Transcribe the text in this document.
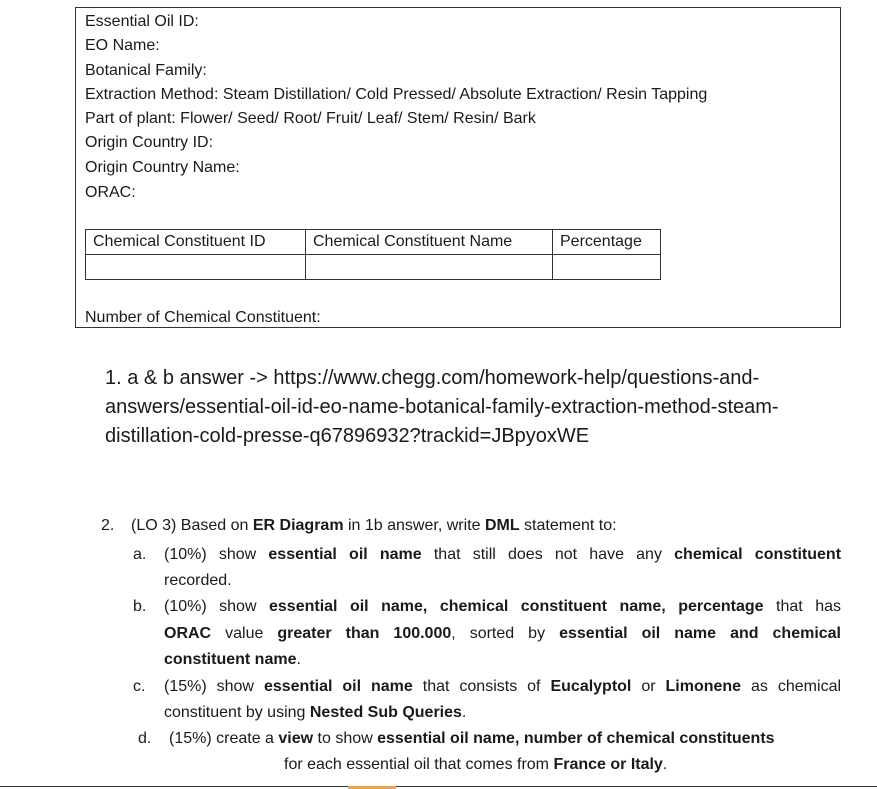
Essential Oil ID:
EO Name:
Botanical Family:
Extraction Method: Steam Distillation/ Cold Pressed/ Absolute Extraction/ Resin Tapping
Part of plant: Flower/ Seed/ Root/ Fruit/ Leaf/ Stem/ Resin/ Bark
Origin Country ID:
Origin Country Name:
ORAC:
Chemical Constituent ID	Chemical Constituent Name	Percentage

Number of Chemical Constituent:
1. a & b answer -> https://www.chegg.com/homework-help/questions-and-answers/essential-oil-id-eo-name-botanical-family-extraction-method-steam-distillation-cold-presse-q67896932?trackid=JBpyoxWE
2. (LO 3) Based on ER Diagram in 1b answer, write DML statement to:
a. (10%) show essential oil name that still does not have any chemical constituent
recorded.
b. (10%) show essential oil name, chemical constituent name, percentage that has
ORAC value greater than 100.000, sorted by essential oil name and chemical
constituent name.
c. (15%) show essential oil name that consists of Eucalyptol or Limonene as chemical
constituent by using Nested Sub Queries.
d. (15%) create a view to show essential oil name, number of chemical constituents
for each essential oil that comes from France or Italy.
